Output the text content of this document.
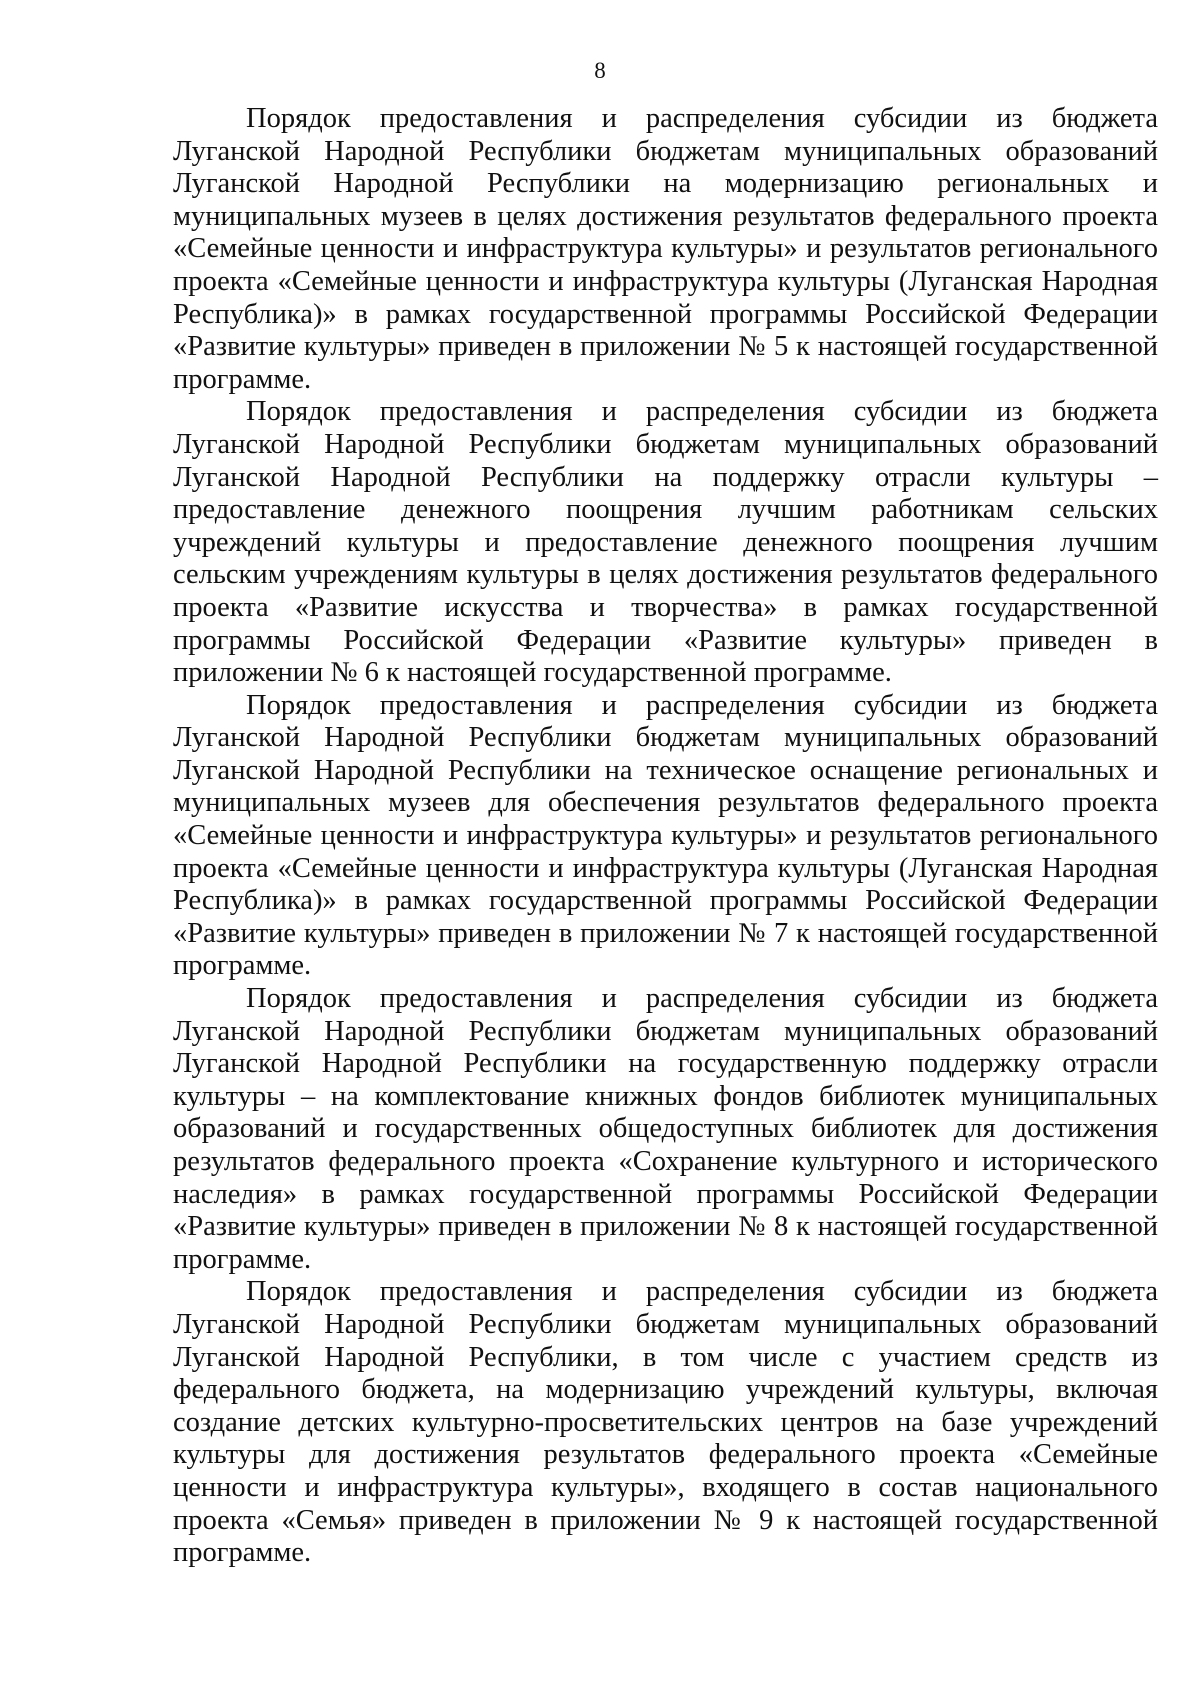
8

Порядок предоставления и распределения субсидии из бюджета Луганской Народной Республики бюджетам муниципальных образований Луганской Народной Республики на модернизацию региональных и муниципальных музеев в целях достижения результатов федерального проекта «Семейные ценности и инфраструктура культуры» и результатов регионального проекта «Семейные ценности и инфраструктура культуры (Луганская Народная Республика)» в рамках государственной программы Российской Федерации «Развитие культуры» приведен в приложении № 5 к настоящей государственной программе.

Порядок предоставления и распределения субсидии из бюджета Луганской Народной Республики бюджетам муниципальных образований Луганской Народной Республики на поддержку отрасли культуры – предоставление денежного поощрения лучшим работникам сельских учреждений культуры и предоставление денежного поощрения лучшим сельским учреждениям культуры в целях достижения результатов федерального проекта «Развитие искусства и творчества» в рамках государственной программы Российской Федерации «Развитие культуры» приведен в приложении № 6 к настоящей государственной программе.

Порядок предоставления и распределения субсидии из бюджета Луганской Народной Республики бюджетам муниципальных образований Луганской Народной Республики на техническое оснащение региональных и муниципальных музеев для обеспечения результатов федерального проекта «Семейные ценности и инфраструктура культуры» и результатов регионального проекта «Семейные ценности и инфраструктура культуры (Луганская Народная Республика)» в рамках государственной программы Российской Федерации «Развитие культуры» приведен в приложении № 7 к настоящей государственной программе.

Порядок предоставления и распределения субсидии из бюджета Луганской Народной Республики бюджетам муниципальных образований Луганской Народной Республики на государственную поддержку отрасли культуры – на комплектование книжных фондов библиотек муниципальных образований и государственных общедоступных библиотек для достижения результатов федерального проекта «Сохранение культурного и исторического наследия» в рамках государственной программы Российской Федерации «Развитие культуры» приведен в приложении № 8 к настоящей государственной программе.

Порядок предоставления и распределения субсидии из бюджета Луганской Народной Республики бюджетам муниципальных образований Луганской Народной Республики, в том числе с участием средств из федерального бюджета, на модернизацию учреждений культуры, включая создание детских культурно-просветительских центров на базе учреждений культуры для достижения результатов федерального проекта «Семейные ценности и инфраструктура культуры», входящего в состав национального проекта «Семья» приведен в приложении № 9 к настоящей государственной программе.
